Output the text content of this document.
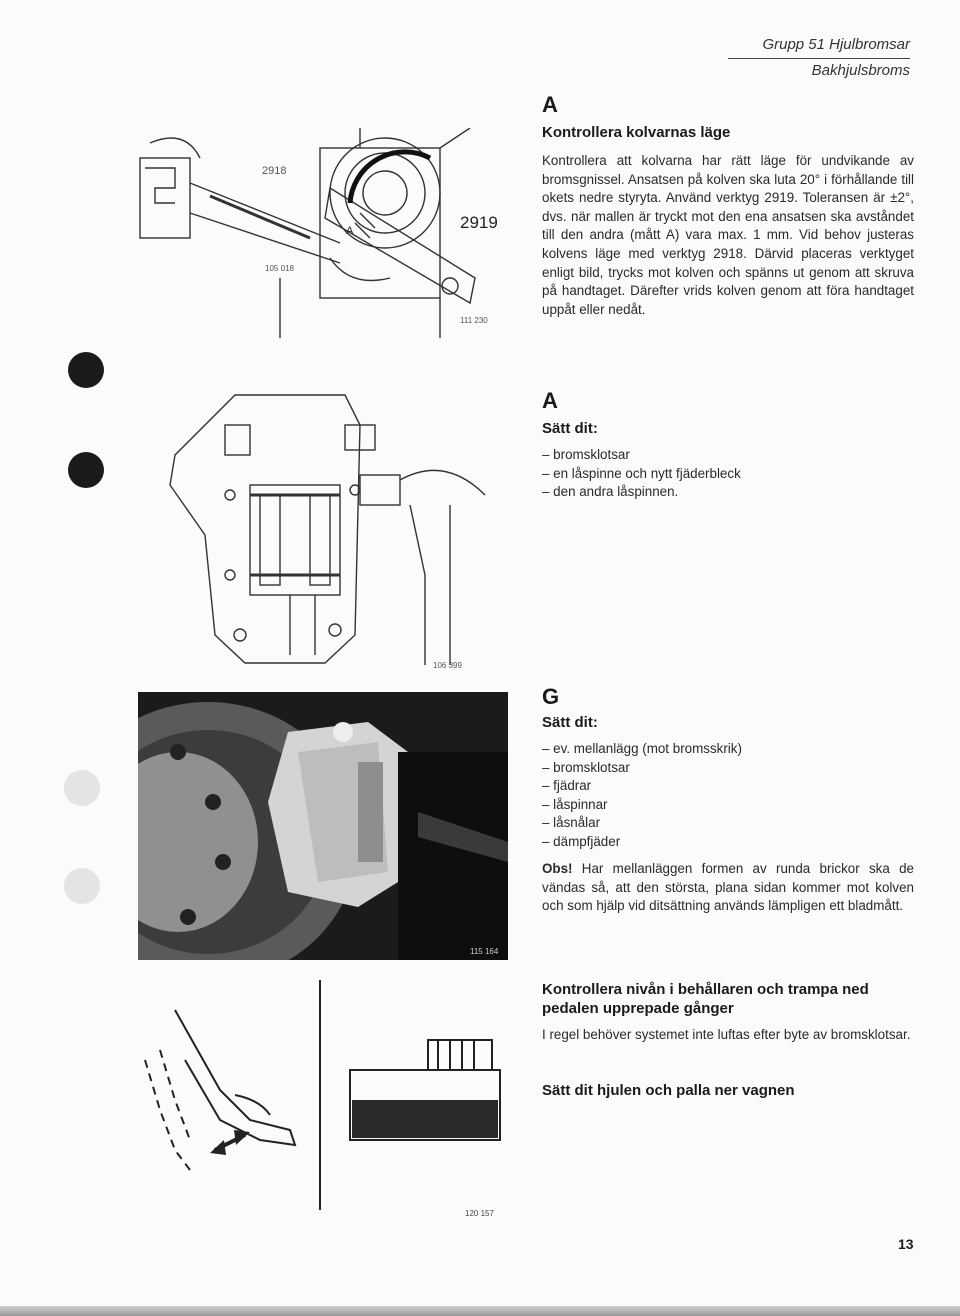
Grupp 51 Hjulbromsar
Bakhjulsbroms
2918
2919
A
105 018
111 230
A
Kontrollera kolvarnas läge
Kontrollera att kolvarna har rätt läge för undvikande av bromsgnissel. Ansatsen på kolven ska luta 20° i förhållande till okets nedre styryta. Använd verktyg 2919. Toleransen är ±2°, dvs. när mallen är tryckt mot den ena ansatsen ska avståndet till den andra (mått A) vara max. 1 mm. Vid behov justeras kolvens läge med verktyg 2918. Därvid placeras verktyget enligt bild, trycks mot kolven och spänns ut genom att skruva på handtaget. Därefter vrids kolven genom att föra handtaget uppåt eller nedåt.
106 399
A
Sätt dit:
– bromsklotsar
– en låspinne och nytt fjäderbleck
– den andra låspinnen.
115 164
G
Sätt dit:
– ev. mellanlägg (mot bromsskrik)
– bromsklotsar
– fjädrar
– låspinnar
– låsnålar
– dämpfjäder
Obs! Har mellanläggen formen av runda brickor ska de vändas så, att den största, plana sidan kommer mot kolven och som hjälp vid ditsättning används lämpligen ett bladmått.
120 157
Kontrollera nivån i behållaren och trampa ned pedalen upprepade gånger
I regel behöver systemet inte luftas efter byte av bromsklotsar.
Sätt dit hjulen och palla ner vagnen
13
